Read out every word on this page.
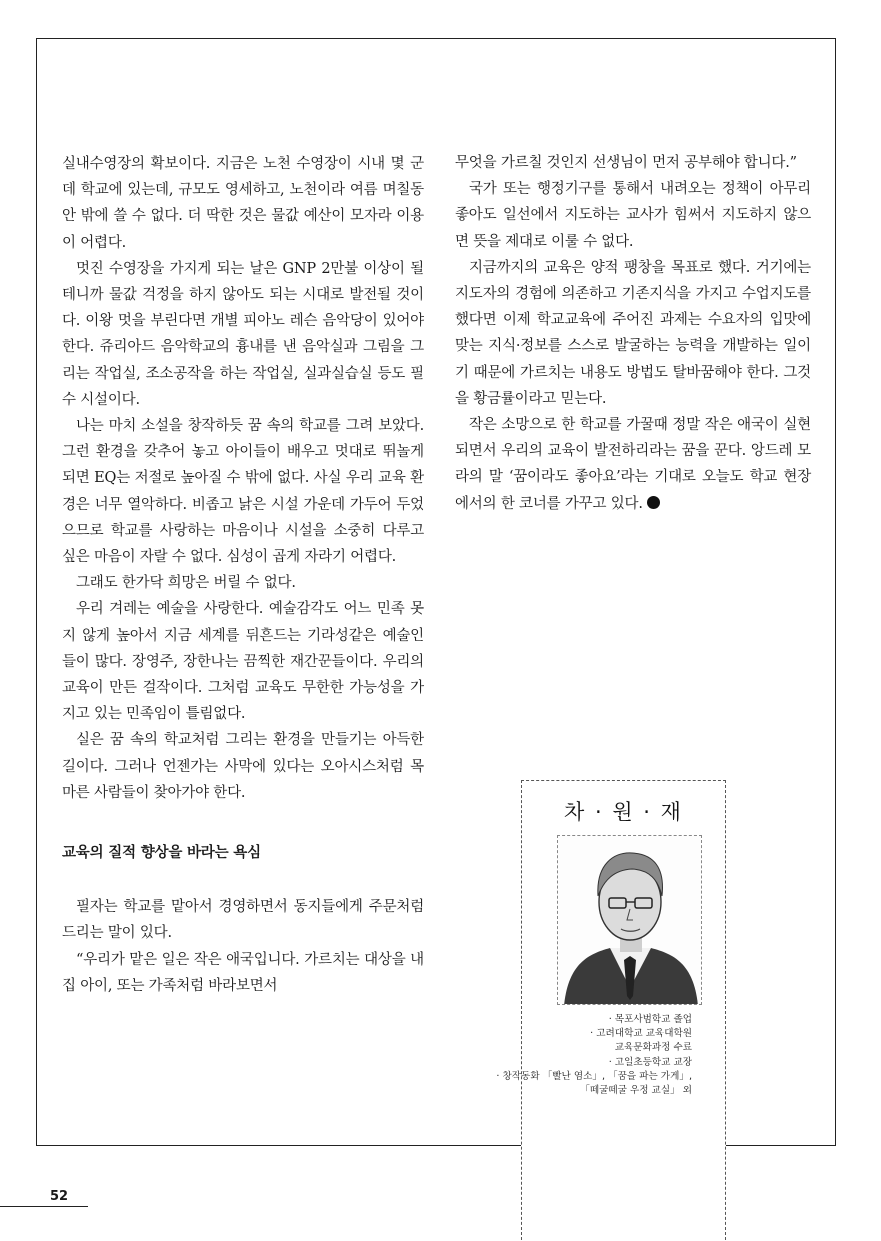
실내수영장의 확보이다. 지금은 노천 수영장이 시내 몇 군데 학교에 있는데, 규모도 영세하고, 노천이라 여름 며칠동안 밖에 쓸 수 없다. 더 딱한 것은 물값 예산이 모자라 이용이 어렵다.

멋진 수영장을 가지게 되는 날은 GNP 2만불 이상이 될 테니까 물값 걱정을 하지 않아도 되는 시대로 발전될 것이다. 이왕 멋을 부린다면 개별 피아노 레슨 음악당이 있어야 한다. 쥬리아드 음악학교의 흉내를 낸 음악실과 그림을 그리는 작업실, 조소공작을 하는 작업실, 실과실습실 등도 필수 시설이다.

나는 마치 소설을 창작하듯 꿈 속의 학교를 그려 보았다. 그런 환경을 갖추어 놓고 아이들이 배우고 멋대로 뛰놀게 되면 EQ는 저절로 높아질 수 밖에 없다. 사실 우리 교육 환경은 너무 열악하다. 비좁고 낡은 시설 가운데 가두어 두었으므로 학교를 사랑하는 마음이나 시설을 소중히 다루고 싶은 마음이 자랄 수 없다. 심성이 곱게 자라기 어렵다.

그래도 한가닥 희망은 버릴 수 없다.

우리 겨레는 예술을 사랑한다. 예술감각도 어느 민족 못지 않게 높아서 지금 세계를 뒤흔드는 기라성같은 예술인들이 많다. 장영주, 장한나는 끔찍한 재간꾼들이다. 우리의 교육이 만든 걸작이다. 그처럼 교육도 무한한 가능성을 가지고 있는 민족임이 틀림없다.

실은 꿈 속의 학교처럼 그리는 환경을 만들기는 아득한 길이다. 그러나 언젠가는 사막에 있다는 오아시스처럼 목마른 사람들이 찾아가야 한다.

교육의 질적 향상을 바라는 욕심

필자는 학교를 맡아서 경영하면서 동지들에게 주문처럼 드리는 말이 있다.

“우리가 맡은 일은 작은 애국입니다. 가르치는 대상을 내 집 아이, 또는 가족처럼 바라보면서

무엇을 가르칠 것인지 선생님이 먼저 공부해야 합니다.”

국가 또는 행정기구를 통해서 내려오는 정책이 아무리 좋아도 일선에서 지도하는 교사가 힘써서 지도하지 않으면 뜻을 제대로 이룰 수 없다.

지금까지의 교육은 양적 팽창을 목표로 했다. 거기에는 지도자의 경험에 의존하고 기존지식을 가지고 수업지도를 했다면 이제 학교교육에 주어진 과제는 수요자의 입맛에 맞는 지식·정보를 스스로 발굴하는 능력을 개발하는 일이기 때문에 가르치는 내용도 방법도 탈바꿈해야 한다. 그것을 황금률이라고 믿는다.

작은 소망으로 한 학교를 가꿀때 정말 작은 애국이 실현되면서 우리의 교육이 발전하리라는 꿈을 꾼다. 앙드레 모라의 말 ‘꿈이라도 좋아요’라는 기대로 오늘도 학교 현장에서의 한 코너를 가꾸고 있다.

차 · 원 · 재
· 목포사범학교 졸업
· 고려대학교 교육대학원
교육문화과정 수료
· 고일초등학교 교장
· 창작동화 「빨난 염소」, 「꿈을 파는 가게」,
「떼굴떼굴 우정 교실」 외
52
